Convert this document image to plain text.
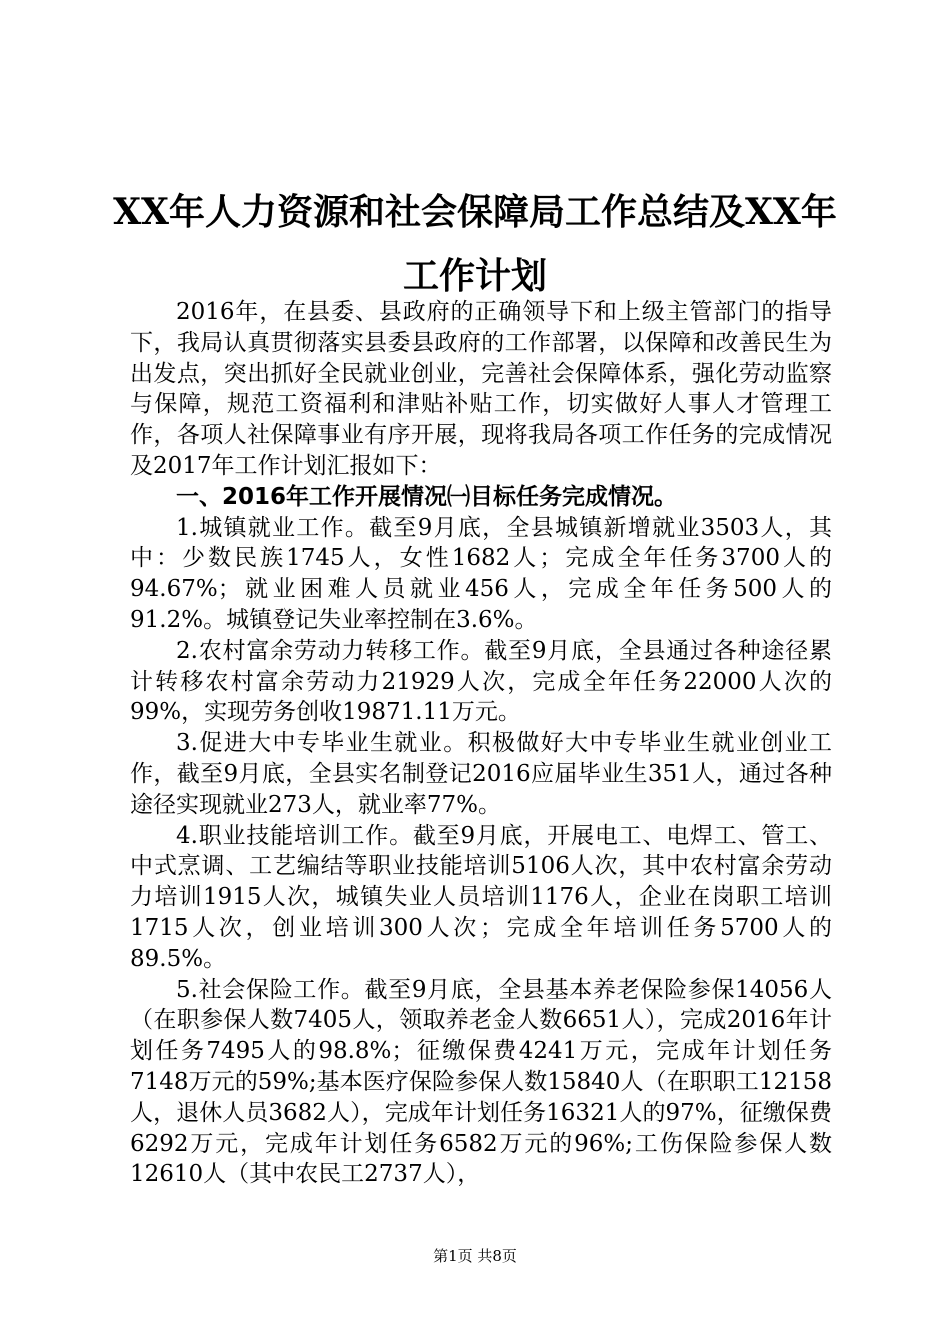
XX年人力资源和社会保障局工作总结及XX年
工作计划

2016年，在县委、县政府的正确领导下和上级主管部门的指导下，我局认真贯彻落实县委县政府的工作部署，以保障和改善民生为出发点，突出抓好全民就业创业，完善社会保障体系，强化劳动监察与保障，规范工资福利和津贴补贴工作，切实做好人事人才管理工作，各项人社保障事业有序开展，现将我局各项工作任务的完成情况及2017年工作计划汇报如下：

一、2016年工作开展情况㈠目标任务完成情况。

1.城镇就业工作。截至9月底，全县城镇新增就业3503人，其中：少数民族1745人，女性1682人；完成全年任务3700人的94.67%；就业困难人员就业456人，完成全年任务500人的91.2%。城镇登记失业率控制在3.6%。

2.农村富余劳动力转移工作。截至9月底，全县通过各种途径累计转移农村富余劳动力21929人次，完成全年任务22000人次的99%，实现劳务创收19871.11万元。

3.促进大中专毕业生就业。积极做好大中专毕业生就业创业工作，截至9月底，全县实名制登记2016应届毕业生351人，通过各种途径实现就业273人，就业率77%。

4.职业技能培训工作。截至9月底，开展电工、电焊工、管工、中式烹调、工艺编结等职业技能培训5106人次，其中农村富余劳动力培训1915人次，城镇失业人员培训1176人，企业在岗职工培训1715人次，创业培训300人次；完成全年培训任务5700人的89.5%。

5.社会保险工作。截至9月底，全县基本养老保险参保14056人（在职参保人数7405人，领取养老金人数6651人），完成2016年计划任务7495人的98.8%；征缴保费4241万元，完成年计划任务7148万元的59%;基本医疗保险参保人数15840人（在职职工12158人，退休人员3682人），完成年计划任务16321人的97%，征缴保费6292万元，完成年计划任务6582万元的96%;工伤保险参保人数12610人（其中农民工2737人），

第1页 共8页
